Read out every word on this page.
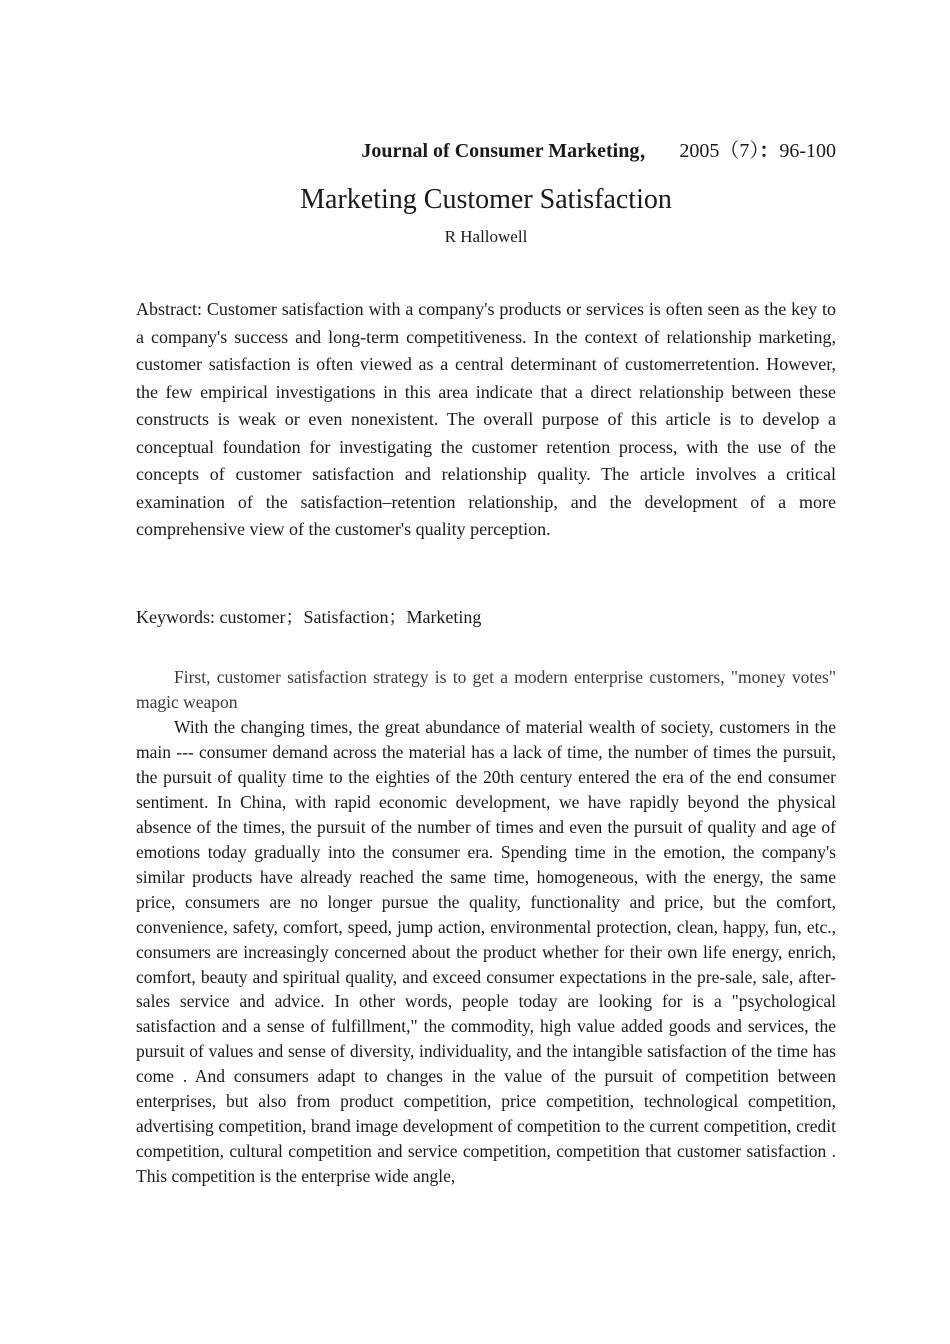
Journal of Consumer Marketing， 2005（7）：96-100
Marketing Customer Satisfaction
R Hallowell

Abstract: Customer satisfaction with a company's products or services is often seen as the key to a company's success and long-term competitiveness. In the context of relationship marketing, customer satisfaction is often viewed as a central determinant of customerretention. However, the few empirical investigations in this area indicate that a direct relationship between these constructs is weak or even nonexistent. The overall purpose of this article is to develop a conceptual foundation for investigating the customer retention process, with the use of the concepts of customer satisfaction and relationship quality. The article involves a critical examination of the satisfaction–retention relationship, and the development of a more comprehensive view of the customer's quality perception.

Keywords: customer；Satisfaction；Marketing

First, customer satisfaction strategy is to get a modern enterprise customers, "money votes" magic weapon

With the changing times, the great abundance of material wealth of society, customers in the main --- consumer demand across the material has a lack of time, the number of times the pursuit, the pursuit of quality time to the eighties of the 20th century entered the era of the end consumer sentiment. In China, with rapid economic development, we have rapidly beyond the physical absence of the times, the pursuit of the number of times and even the pursuit of quality and age of emotions today gradually into the consumer era. Spending time in the emotion, the company's similar products have already reached the same time, homogeneous, with the energy, the same price, consumers are no longer pursue the quality, functionality and price, but the comfort, convenience, safety, comfort, speed, jump action, environmental protection, clean, happy, fun, etc., consumers are increasingly concerned about the product whether for their own life energy, enrich, comfort, beauty and spiritual quality, and exceed consumer expectations in the pre-sale, sale, after-sales service and advice. In other words, people today are looking for is a "psychological satisfaction and a sense of fulfillment," the commodity, high value added goods and services, the pursuit of values and sense of diversity, individuality, and the intangible satisfaction of the time has come . And consumers adapt to changes in the value of the pursuit of competition between enterprises, but also from product competition, price competition, technological competition, advertising competition, brand image development of competition to the current competition, credit competition, cultural competition and service competition, competition that customer satisfaction . This competition is the enterprise wide angle,
